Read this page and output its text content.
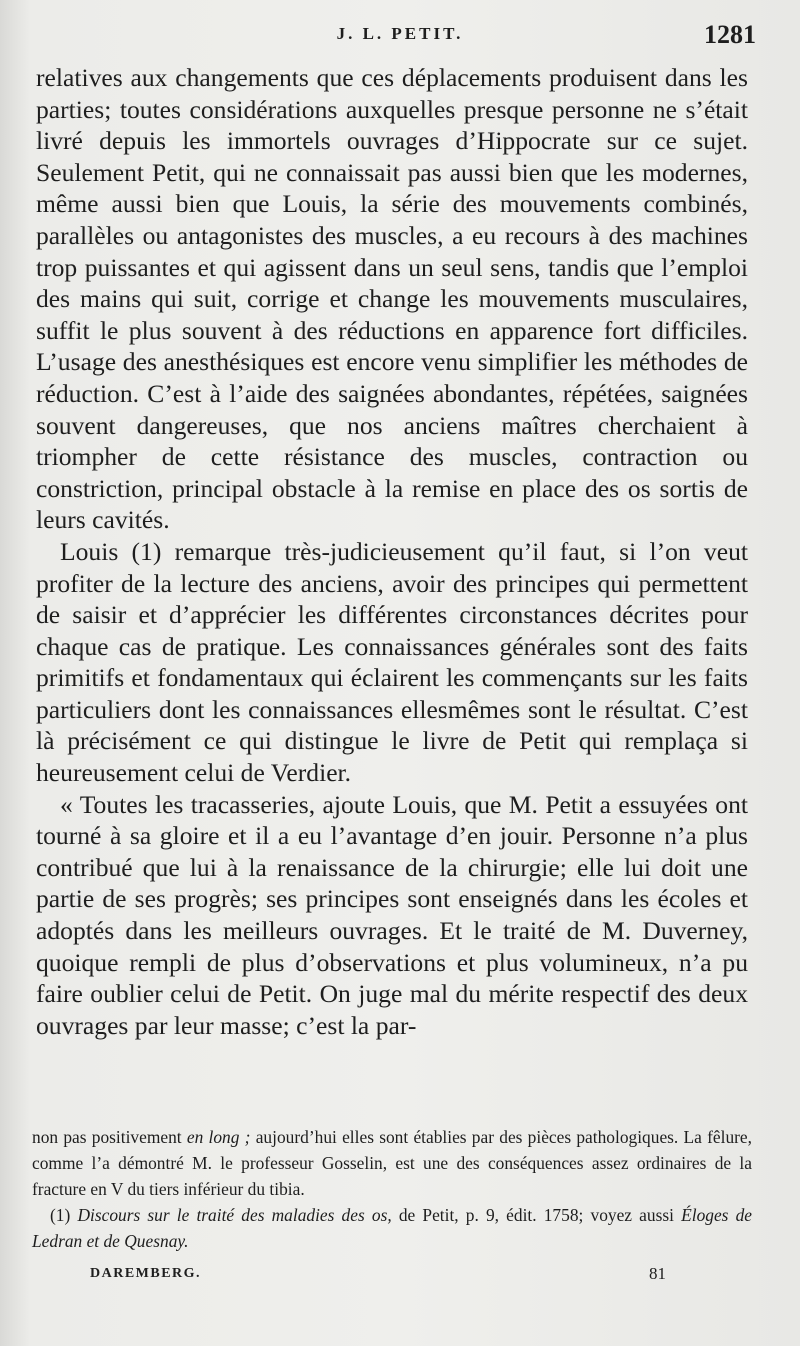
J. L. PETIT.	1281

relatives aux changements que ces déplacements produisent dans les parties; toutes considérations auxquelles presque personne ne s’était livré depuis les immortels ouvrages d’Hippocrate sur ce sujet. Seulement Petit, qui ne connaissait pas aussi bien que les modernes, même aussi bien que Louis, la série des mouvements combinés, parallèles ou antagonistes des muscles, a eu recours à des machines trop puissantes et qui agissent dans un seul sens, tandis que l’emploi des mains qui suit, corrige et change les mouvements musculaires, suffit le plus souvent à des réductions en apparence fort difficiles. L’usage des anesthésiques est encore venu simplifier les méthodes de réduction. C’est à l’aide des saignées abondantes, répétées, saignées souvent dangereuses, que nos anciens maîtres cherchaient à triompher de cette résistance des muscles, contraction ou constriction, principal obstacle à la remise en place des os sortis de leurs cavités.

Louis (1) remarque très-judicieusement qu’il faut, si l’on veut profiter de la lecture des anciens, avoir des principes qui permettent de saisir et d’apprécier les différentes circonstances décrites pour chaque cas de pratique. Les connaissances générales sont des faits primitifs et fondamentaux qui éclairent les commençants sur les faits particuliers dont les connaissances ellesmêmes sont le résultat. C’est là précisément ce qui distingue le livre de Petit qui remplaça si heureusement celui de Verdier.

« Toutes les tracasseries, ajoute Louis, que M. Petit a essuyées ont tourné à sa gloire et il a eu l’avantage d’en jouir. Personne n’a plus contribué que lui à la renaissance de la chirurgie; elle lui doit une partie de ses progrès; ses principes sont enseignés dans les écoles et adoptés dans les meilleurs ouvrages. Et le traité de M. Duverney, quoique rempli de plus d’observations et plus volumineux, n’a pu faire oublier celui de Petit. On juge mal du mérite respectif des deux ouvrages par leur masse; c’est la par-

non pas positivement en long ; aujourd’hui elles sont établies par des pièces pathologiques. La fêlure, comme l’a démontré M. le professeur Gosselin, est une des conséquences assez ordinaires de la fracture en V du tiers inférieur du tibia.

(1) Discours sur le traité des maladies des os, de Petit, p. 9, édit. 1758; voyez aussi Éloges de Ledran et de Quesnay.

DAREMBERG.	81
